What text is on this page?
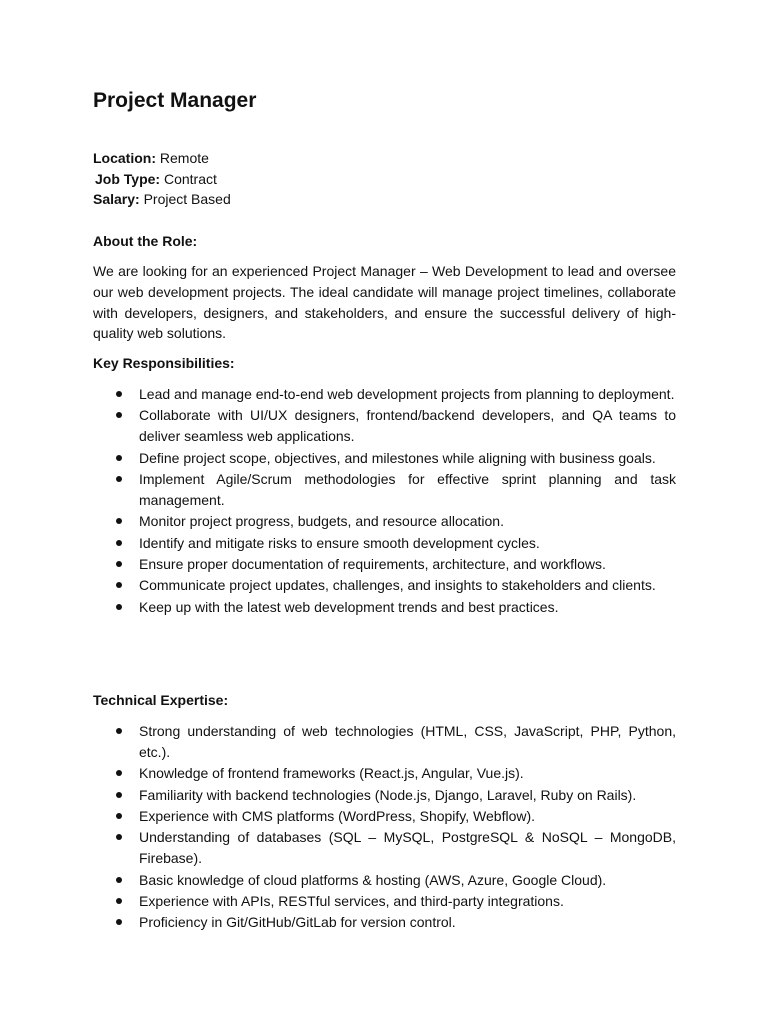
Project Manager
Location: Remote
Job Type: Contract
Salary: Project Based
About the Role:

We are looking for an experienced Project Manager – Web Development to lead and oversee our web development projects. The ideal candidate will manage project timelines, collaborate with developers, designers, and stakeholders, and ensure the successful delivery of high-quality web solutions.

Key Responsibilities:
Lead and manage end-to-end web development projects from planning to deployment.
Collaborate with UI/UX designers, frontend/backend developers, and QA teams to deliver seamless web applications.
Define project scope, objectives, and milestones while aligning with business goals.
Implement Agile/Scrum methodologies for effective sprint planning and task management.
Monitor project progress, budgets, and resource allocation.
Identify and mitigate risks to ensure smooth development cycles.
Ensure proper documentation of requirements, architecture, and workflows.
Communicate project updates, challenges, and insights to stakeholders and clients.
Keep up with the latest web development trends and best practices.
Technical Expertise:
Strong understanding of web technologies (HTML, CSS, JavaScript, PHP, Python, etc.).
Knowledge of frontend frameworks (React.js, Angular, Vue.js).
Familiarity with backend technologies (Node.js, Django, Laravel, Ruby on Rails).
Experience with CMS platforms (WordPress, Shopify, Webflow).
Understanding of databases (SQL – MySQL, PostgreSQL & NoSQL – MongoDB, Firebase).
Basic knowledge of cloud platforms & hosting (AWS, Azure, Google Cloud).
Experience with APIs, RESTful services, and third-party integrations.
Proficiency in Git/GitHub/GitLab for version control.
